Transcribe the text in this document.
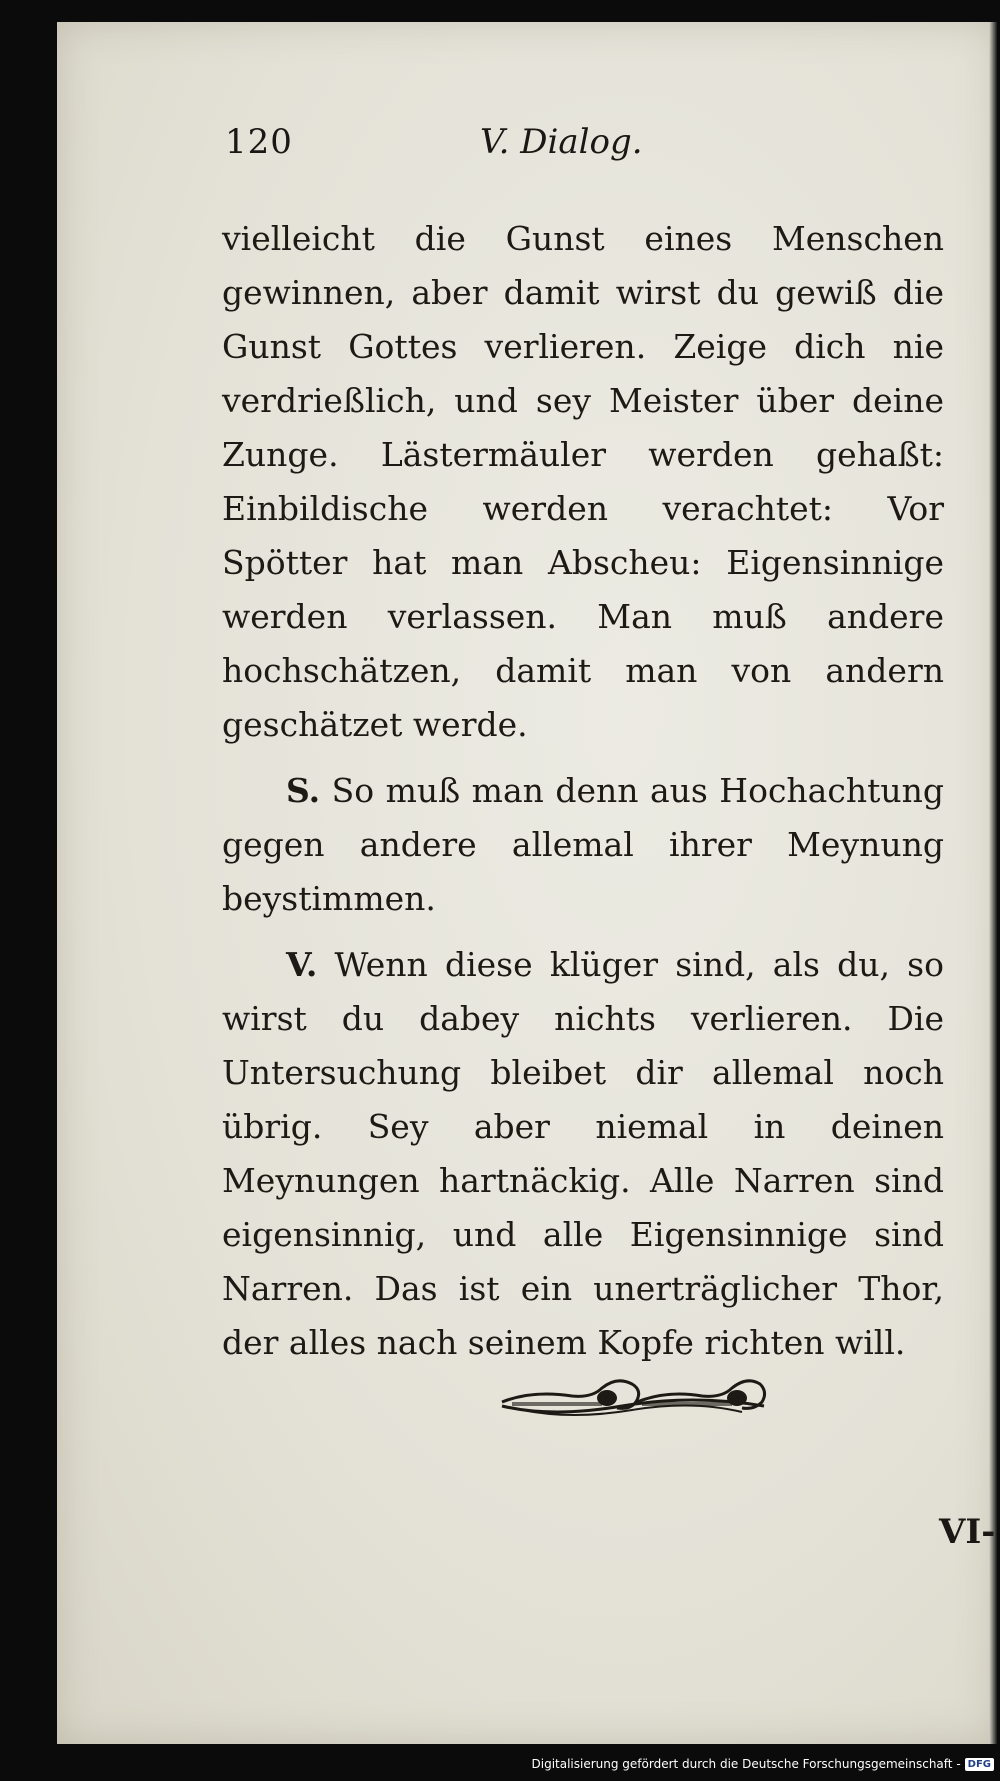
120	V. Dialog.

vielleicht die Gunst eines Menschen gewinnen, aber damit wirst du gewiß die Gunst Gottes verlieren. Zeige dich nie verdrießlich, und sey Meister über deine Zunge. Lästermäuler werden gehaßt: Einbildische werden verachtet: Vor Spötter hat man Abscheu: Eigensinnige werden verlassen. Man muß andere hochschätzen, damit man von andern geschätzet werde.

S. So muß man denn aus Hochachtung gegen andere allemal ihrer Meynung beystimmen.

V. Wenn diese klüger sind, als du, so wirst du dabey nichts verlieren. Die Untersuchung bleibet dir allemal noch übrig. Sey aber niemal in deinen Meynungen hartnäckig. Alle Narren sind eigensinnig, und alle Eigensinnige sind Narren. Das ist ein unerträglicher Thor, der alles nach seinem Kopfe richten will.

VI-
Digitalisierung gefördert durch die Deutsche Forschungsgemeinschaft - DFG
